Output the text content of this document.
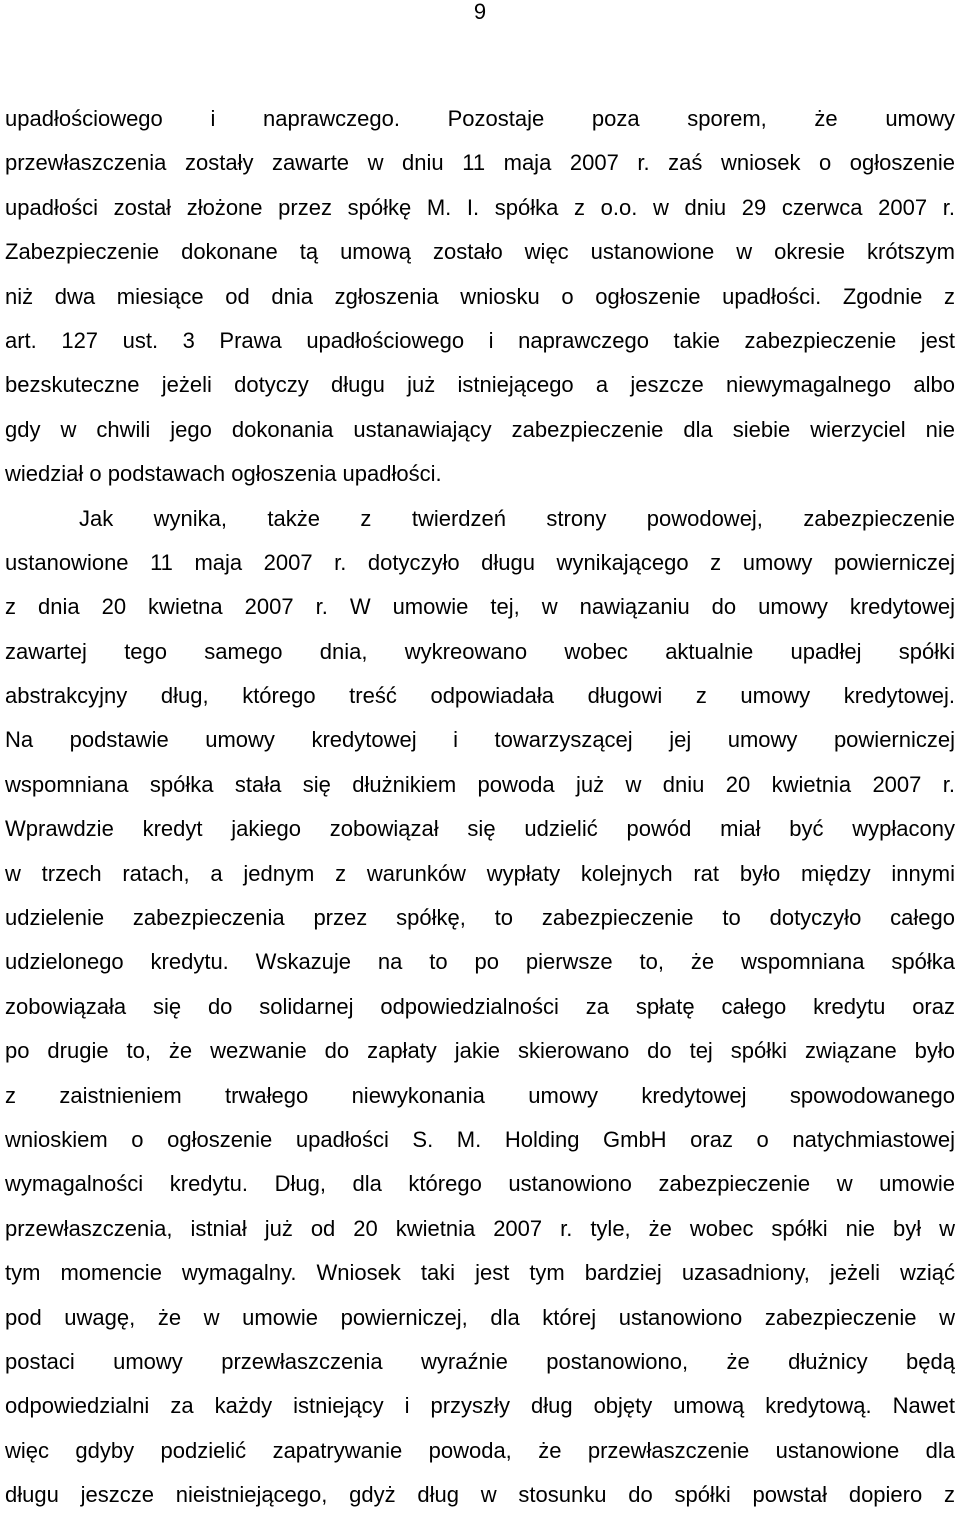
9
upadłościowego i naprawczego. Pozostaje poza sporem, że umowy
przewłaszczenia zostały zawarte w dniu 11 maja 2007 r. zaś wniosek o ogłoszenie
upadłości został złożone przez spółkę M. I. spółka z o.o. w dniu 29 czerwca 2007 r.
Zabezpieczenie dokonane tą umową zostało więc ustanowione w okresie krótszym
niż dwa miesiące od dnia zgłoszenia wniosku o ogłoszenie upadłości. Zgodnie z
art. 127 ust. 3 Prawa upadłościowego i naprawczego takie zabezpieczenie jest
bezskuteczne jeżeli dotyczy długu już istniejącego a jeszcze niewymagalnego albo
gdy w chwili jego dokonania ustanawiający zabezpieczenie dla siebie wierzyciel nie
wiedział o podstawach ogłoszenia upadłości.
Jak wynika, także z twierdzeń strony powodowej, zabezpieczenie
ustanowione 11 maja 2007 r. dotyczyło długu wynikającego z umowy powierniczej
z dnia 20 kwietna 2007 r. W umowie tej, w nawiązaniu do umowy kredytowej
zawartej tego samego dnia, wykreowano wobec aktualnie upadłej spółki
abstrakcyjny dług, którego treść odpowiadała długowi z umowy kredytowej.
Na podstawie umowy kredytowej i towarzyszącej jej umowy powierniczej
wspomniana spółka stała się dłużnikiem powoda już w dniu 20 kwietnia 2007 r.
Wprawdzie kredyt jakiego zobowiązał się udzielić powód miał być wypłacony
w trzech ratach, a jednym z warunków wypłaty kolejnych rat było między innymi
udzielenie zabezpieczenia przez spółkę, to zabezpieczenie to dotyczyło całego
udzielonego kredytu. Wskazuje na to po pierwsze to, że wspomniana spółka
zobowiązała się do solidarnej odpowiedzialności za spłatę całego kredytu oraz
po drugie to, że wezwanie do zapłaty jakie skierowano do tej spółki związane było
z zaistnieniem trwałego niewykonania umowy kredytowej spowodowanego
wnioskiem o ogłoszenie upadłości S. M. Holding GmbH oraz o natychmiastowej
wymagalności kredytu. Dług, dla którego ustanowiono zabezpieczenie w umowie
przewłaszczenia, istniał już od 20 kwietnia 2007 r. tyle, że wobec spółki nie był w
tym momencie wymagalny. Wniosek taki jest tym bardziej uzasadniony, jeżeli wziąć
pod uwagę, że w umowie powierniczej, dla której ustanowiono zabezpieczenie w
postaci umowy przewłaszczenia wyraźnie postanowiono, że dłużnicy będą
odpowiedzialni za każdy istniejący i przyszły dług objęty umową kredytową. Nawet
więc gdyby podzielić zapatrywanie powoda, że przewłaszczenie ustanowione dla
długu jeszcze nieistniejącego, gdyż dług w stosunku do spółki powstał dopiero z
